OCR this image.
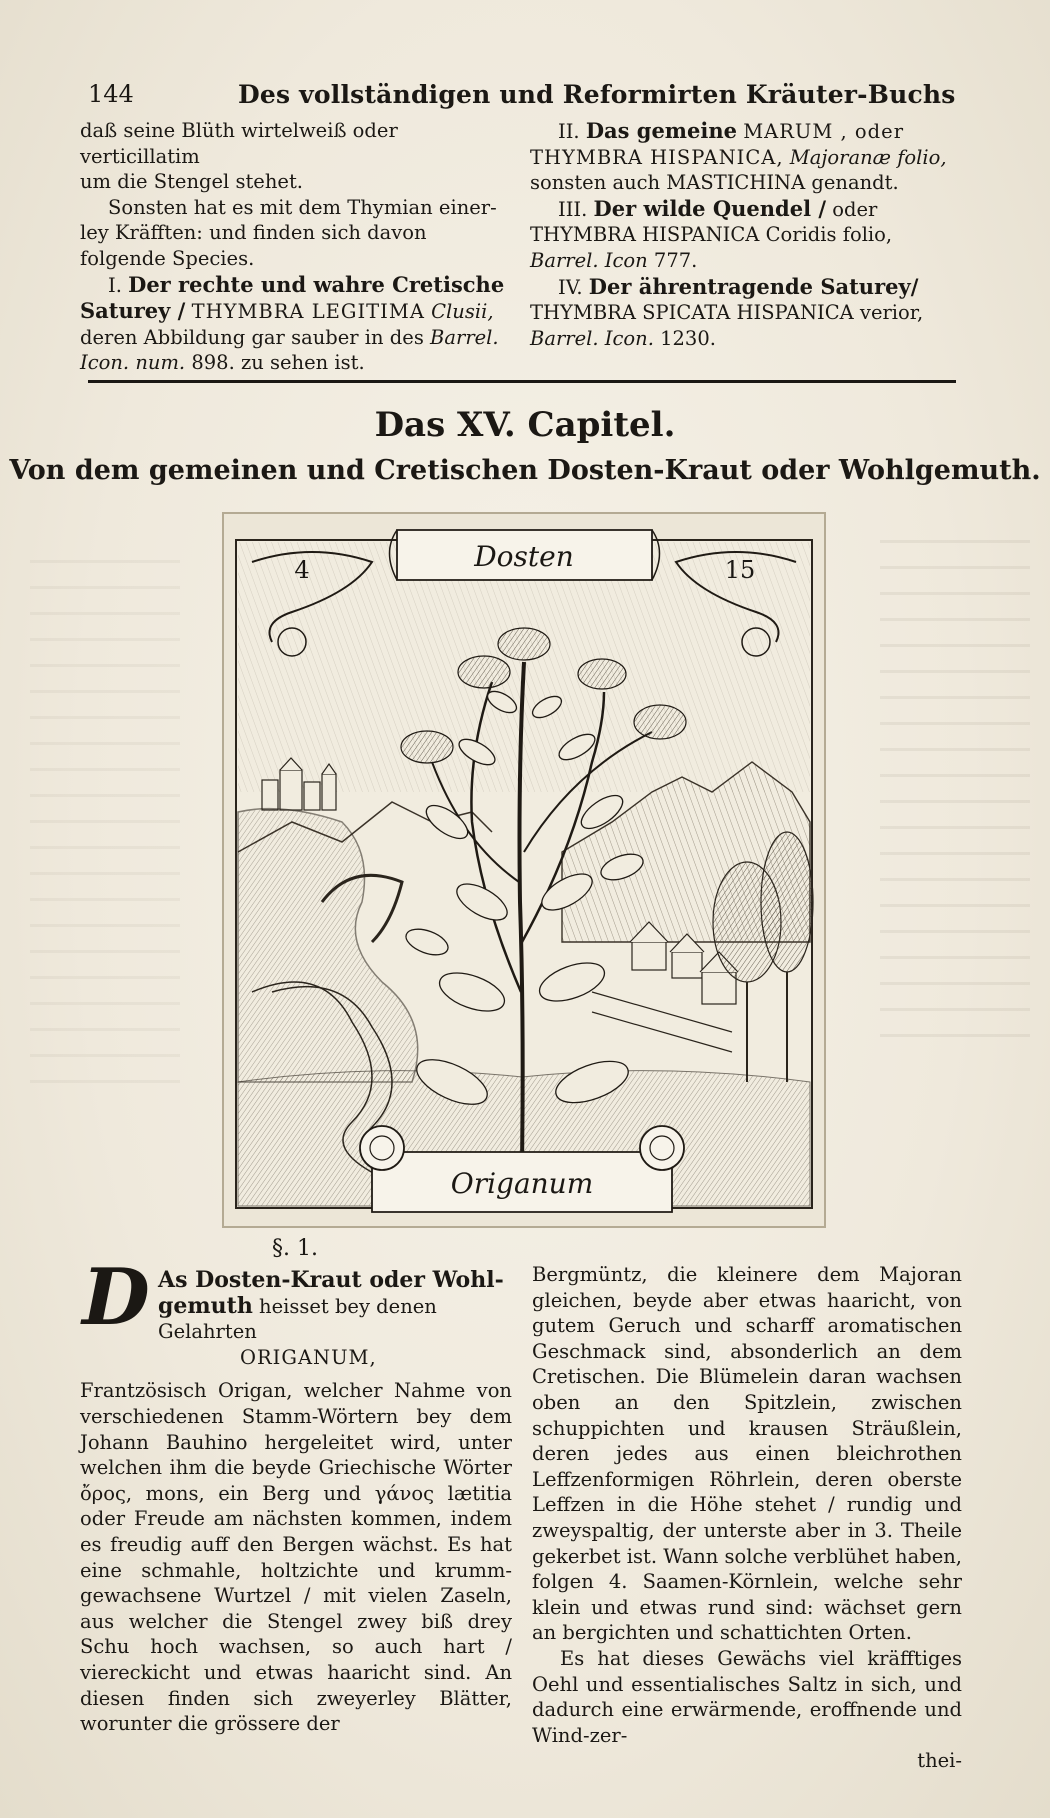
144	Des vollständigen und Reformirten Kräuter-Buchs

daß seine Blüth wirtelweiß oder verticillatim

um die Stengel stehet.

Sonsten hat es mit dem Thymian einer-ley Kräfften: und finden sich davon folgende Species.

I. Der rechte und wahre Cretische Saturey / THYMBRA LEGITIMA Clusii, deren Abbildung gar sauber in des Barrel. Icon. num. 898. zu sehen ist.

II. Das gemeine MARUM , oder THYMBRA HISPANICA, Majoranæ folio, sonsten auch MASTICHINA genandt.

III. Der wilde Quendel / oder THYMBRA HISPANICA Coridis folio, Barrel. Icon 777.

IV. Der ährentragende Saturey/ THYMBRA SPICATA HISPANICA verior, Barrel. Icon. 1230.

Das XV. Capitel.
Von dem gemeinen und Cretischen Dosten-Kraut oder Wohlgemuth.
Origanum
Dosten
4	15
§. 1.
D As Dosten-Kraut oder Wohl-gemuth heisset bey denen Gelahrten

ORIGANUM,

Frantzösisch Origan, welcher Nahme von verschiedenen Stamm-Wörtern bey dem Johann Bauhino hergeleitet wird, unter welchen ihm die beyde Griechische Wörter ὄρος, mons, ein Berg und γάνος lætitia oder Freude am nächsten kommen, indem es freudig auff den Bergen wächst. Es hat eine schmahle, holtzichte und krumm-gewachsene Wurtzel / mit vielen Zaseln, aus welcher die Stengel zwey biß drey Schu hoch wachsen, so auch hart / viereckicht und etwas haaricht sind. An diesen finden sich zweyerley Blätter, worunter die grössere der

Bergmüntz, die kleinere dem Majoran gleichen, beyde aber etwas haaricht, von gutem Geruch und scharff aromatischen Geschmack sind, absonderlich an dem Cretischen. Die Blümelein daran wachsen oben an den Spitzlein, zwischen schuppichten und krausen Sträußlein, deren jedes aus einen bleichrothen Leffzenformigen Röhrlein, deren oberste Leffzen in die Höhe stehet / rundig und zweyspaltig, der unterste aber in 3. Theile gekerbet ist. Wann solche verblühet haben, folgen 4. Saamen-Körnlein, welche sehr klein und etwas rund sind: wächset gern an bergichten und schattichten Orten.

Es hat dieses Gewächs viel kräfftiges Oehl und essentialisches Saltz in sich, und dadurch eine erwärmende, eroffnende und Wind-zer-

thei-
